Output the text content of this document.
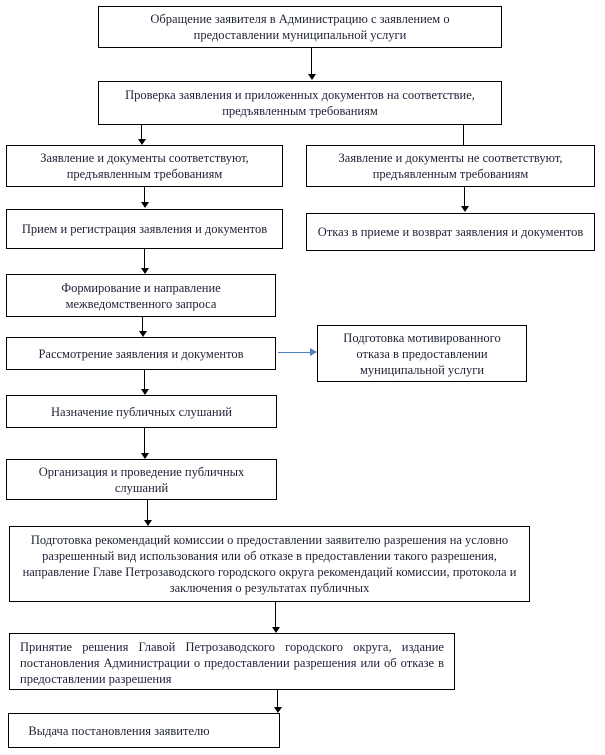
Обращение заявителя в Администрацию с заявлением о предоставлении муниципальной услуги
Проверка заявления и приложенных документов на соответствие, предъявленным требованиям
Заявление и документы соответствуют, предъявленным требованиям
Заявление и документы не соответствуют, предъявленным требованиям
Прием и регистрация заявления и документов	Отказ в приеме и возврат заявления и документов
Формирование и направление межведомственного запроса
Рассмотрение заявления и документов
Подготовка мотивированного отказа в предоставлении муниципальной услуги
Назначение публичных слушаний
Организация и проведение публичных слушаний
Подготовка рекомендаций комиссии о предоставлении заявителю разрешения на условно разрешенный вид использования или об отказе в предоставлении такого разрешения, направление Главе Петрозаводского городского округа рекомендаций комиссии, протокола и заключения о результатах публичных
Принятие решения Главой Петрозаводского городского округа, издание постановления Администрации о предоставлении разрешения или об отказе в предоставлении разрешения
Выдача постановления заявителю
